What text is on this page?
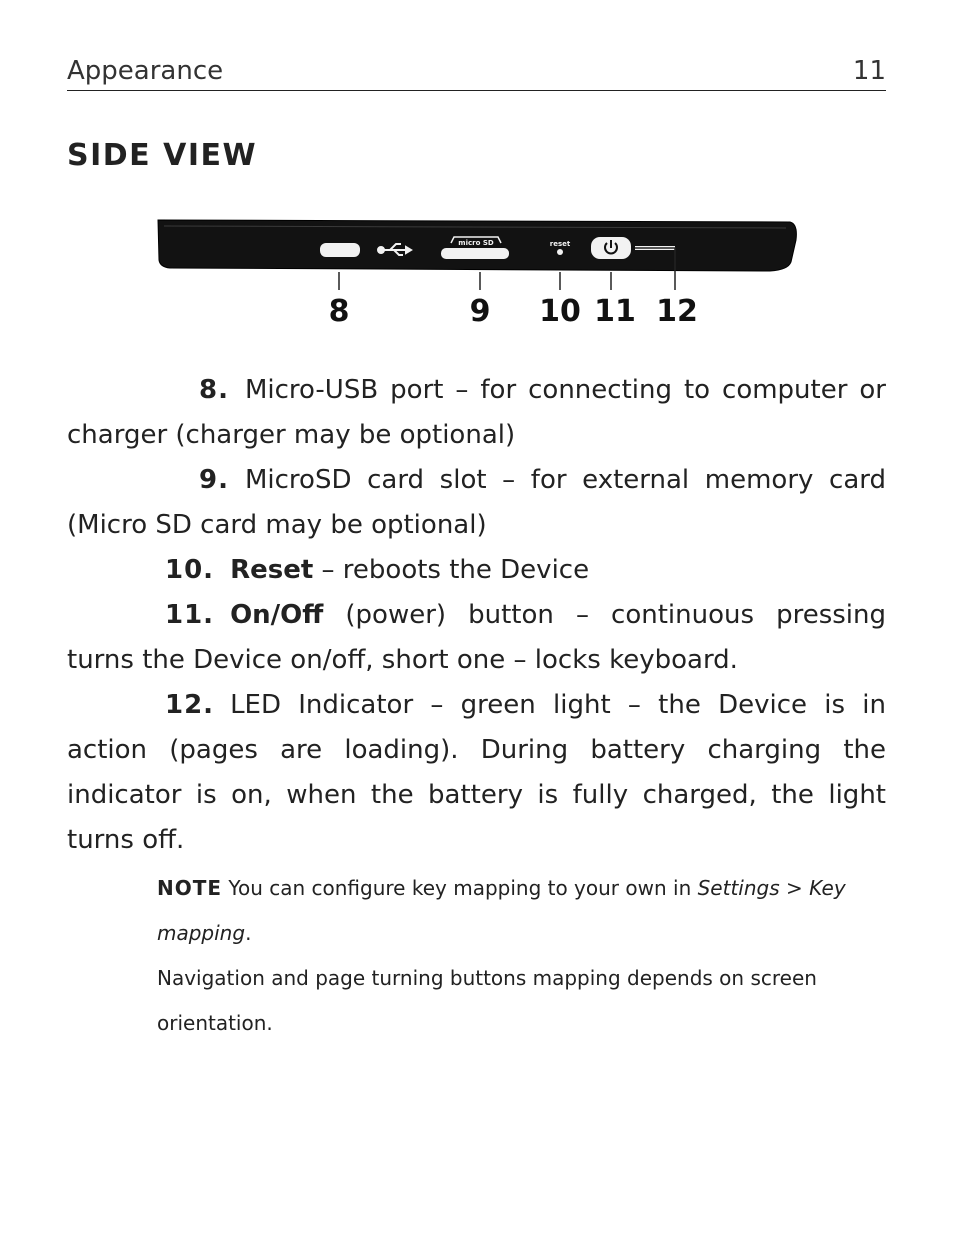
Appearance	11
SIDE VIEW
micro SD	reset
8	9 10 11 12

8. Micro-USB port – for connecting to computer or charger (charger may be optional)

9. MicroSD card slot – for external memory card (Micro SD card may be optional)

10. Reset – reboots the Device

11. On/Off (power) button – continuous pressing turns the Device on/off, short one – locks keyboard.

12. LED Indicator – green light – the Device is in action (pages are loading). During battery charging the indicator is on, when the battery is fully charged, the light turns off.

NOTE You can configure key mapping to your own in Settings > Key mapping.

Navigation and page turning buttons mapping depends on screen orientation.
